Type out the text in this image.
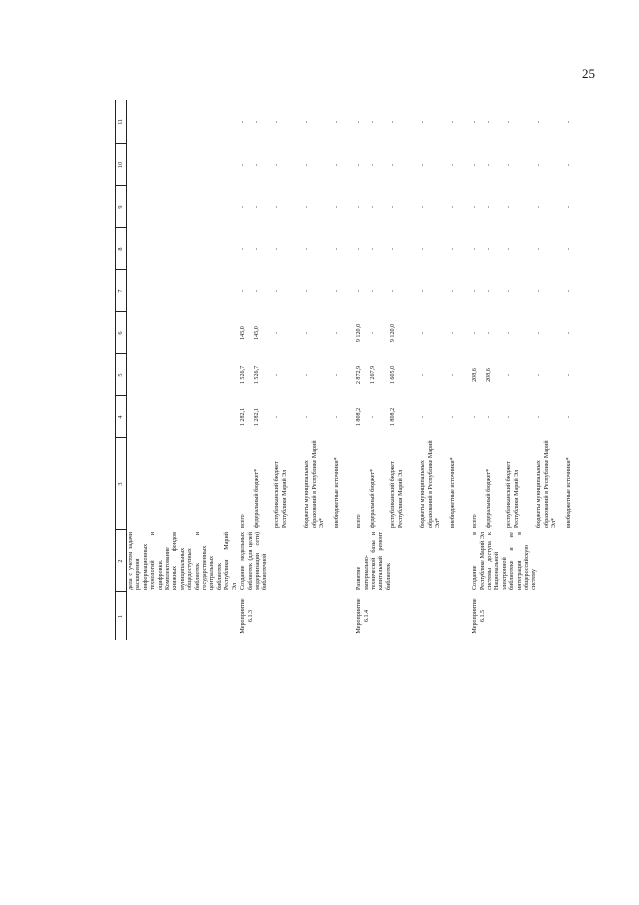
25
1	2	3	4	5	6	7	8	9	10	11
	дела с учетом задачи расширения информационных технологий и оцифровки. Комплектование книжных фондов муниципальных общедоступных библиотек и государственных центральных библиотек Республики Марий Эл									
Мероприятие 6.1.3	Создание модельных библиотек (для целей модернизации сети) библиотечной	всего	1 282,1	1 526,7	145,0	-	-	-	-	-
		федеральный бюджет*	1 282,1	1 526,7	145,0	-	-	-	-	-
		республиканский бюджет Республики Марий Эл	-	-	-	-	-	-	-	-
		бюджеты муниципальных образований в Республике Марий Эл*	-	-	-	-	-	-	-	-
		внебюджетные источники*	-	-	-	-	-	-	-	-
Мероприятие 6.1.4	Развитие материально-технической базы и капитальный ремонт библиотек	всего	1 808,2	2 872,9	9 120,0	-	-	-	-	-
		федеральный бюджет*	-	1 267,9	-	-	-	-	-	-
		республиканский бюджет Республики Марий Эл	1 808,2	1 605,0	9 120,0	-	-	-	-	-
		бюджеты муниципальных образований в Республике Марий Эл*	-	-	-	-	-	-	-	-
		внебюджетные источники*	-	-	-	-	-	-	-	-
Мероприятие 6.1.5	Создание в Республике Марий Эл системы доступа к Национальной электронной библиотеке и ее интеграция в общероссийскую систему	всего	-	208,6	-	-	-	-	-	-
		федеральный бюджет*	-	208,6	-	-	-	-	-	-
		республиканский бюджет Республики Марий Эл	-	-	-	-	-	-	-	-
		бюджеты муниципальных образований в Республике Марий Эл*	-	-	-	-	-	-	-	-
		внебюджетные источники*	-	-	-	-	-	-	-	-
